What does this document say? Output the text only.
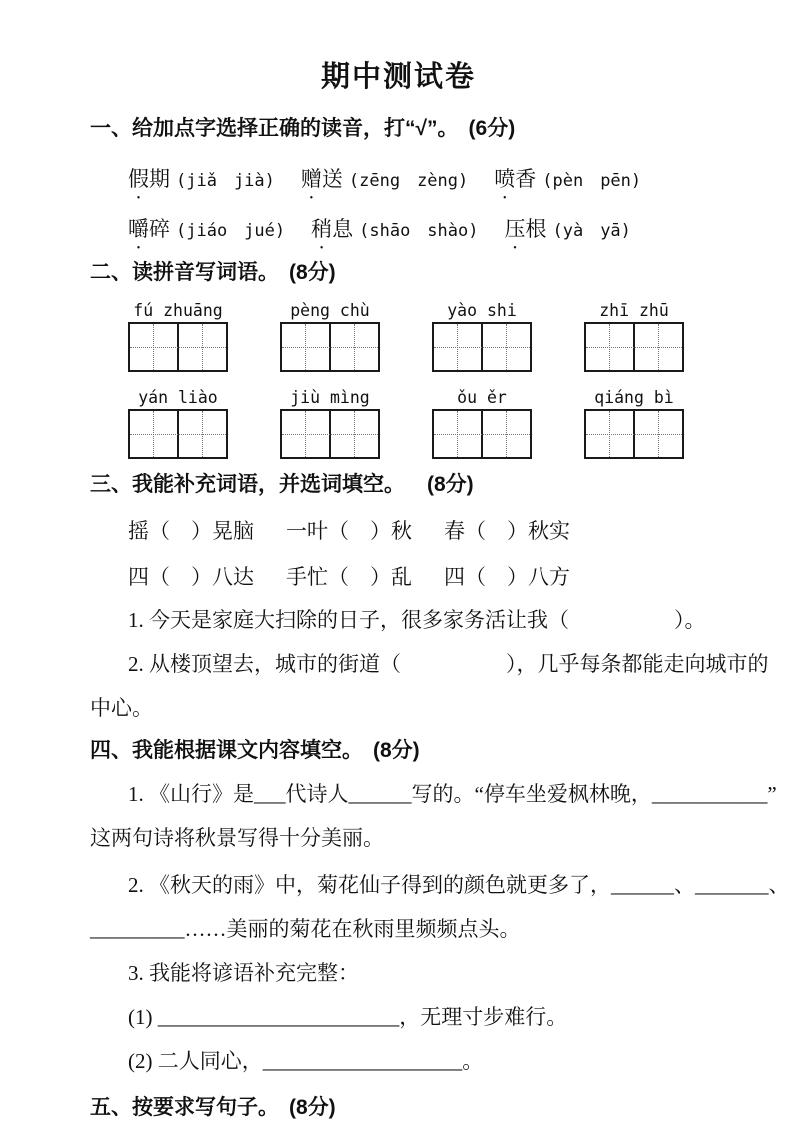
期中测试卷
一、给加点字选择正确的读音，打“√”。 (6分)
假期 (jiǎ　jià) 赠送 (zēng　zèng) 喷香 (pèn　pēn)
嚼碎 (jiáo　jué) 稍息 (shāo　shào) 压根 (yà　yā)
二、读拼音写词语。 (8分)
fú zhuāng	pèng chù	yào shi	zhī zhū
yán liào	jiù mìng	ǒu ěr	qiáng bì
三、我能补充词语，并选词填空。 (8分)
摇（　）晃脑 一叶（　）秋 春（　）秋实
四（　）八达 手忙（　）乱 四（　）八方
1. 今天是家庭大扫除的日子，很多家务活让我（　　　　　）。
2. 从楼顶望去，城市的街道（　　　　　），几乎每条都能走向城市的
中心。
四、我能根据课文内容填空。 (8分)
1. 《山行》是___代诗人______写的。“停车坐爱枫林晚，___________”
这两句诗将秋景写得十分美丽。
2. 《秋天的雨》中，菊花仙子得到的颜色就更多了，______、_______、
_________……美丽的菊花在秋雨里频频点头。
3. 我能将谚语补充完整：
(1) _______________________，无理寸步难行。
(2) 二人同心，___________________。
五、按要求写句子。 (8分)
